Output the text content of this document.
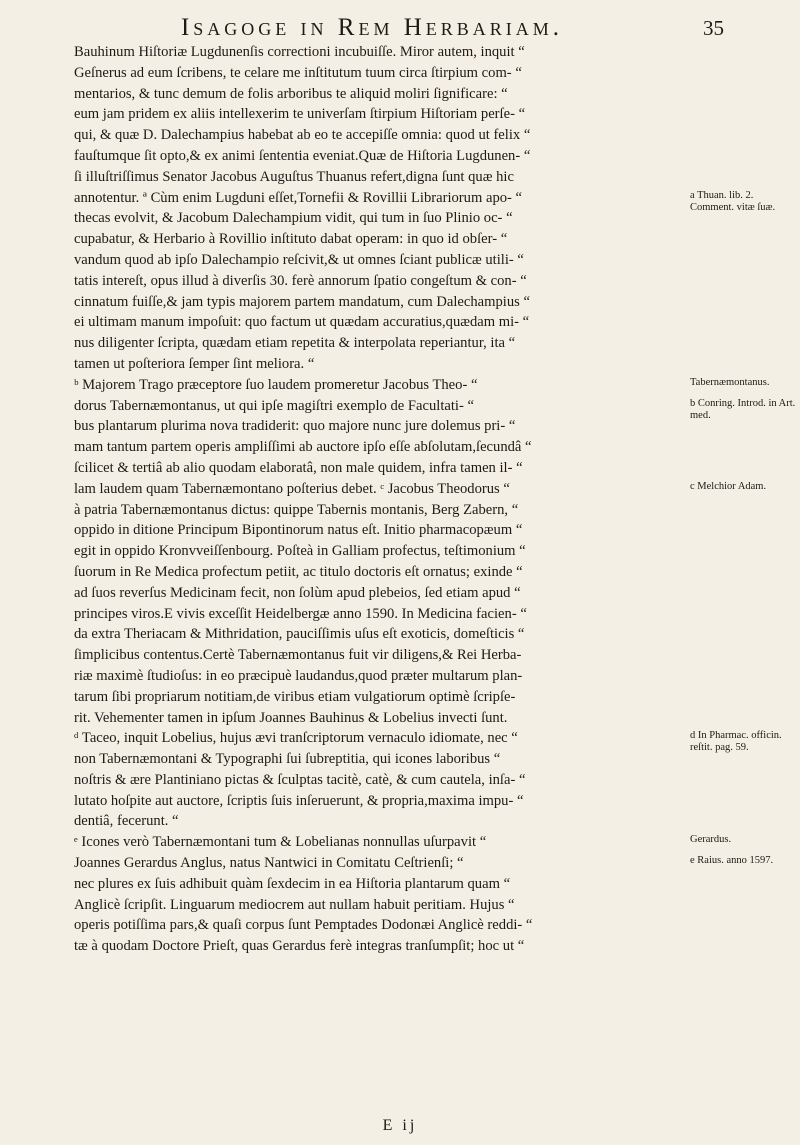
Isagoge in Rem Herbariam.	35
Bauhinum Hiſtoriæ Lugdunenſis correctioni incubuiſſe. Miror autem, inquit “
Geſnerus ad eum ſcribens, te celare me inſtitutum tuum circa ſtirpium com- “
mentarios, & tunc demum de folis arboribus te aliquid moliri ſignificare: “
eum jam pridem ex aliis intellexerim te univerſam ſtirpium Hiſtoriam perſe- “
qui, & quæ D. Dalechampius habebat ab eo te accepiſſe omnia: quod ut felix “
fauſtumque ſit opto,& ex animi ſententia eveniat.Quæ de Hiſtoria Lugdunen- “
ſi illuſtriſſimus Senator Jacobus Auguſtus Thuanus refert,digna ſunt quæ hic
annotentur. ª Cùm enim Lugduni eſſet,Tornefii & Rovillii Librariorum apo- “
thecas evolvit, & Jacobum Dalechampium vidit, qui tum in ſuo Plinio oc- “
cupabatur, & Herbario à Rovillio inſtituto dabat operam: in quo id obſer- “
vandum quod ab ipſo Dalechampio reſcivit,& ut omnes ſciant publicæ utili- “
tatis intereſt, opus illud à diverſis 30. ferè annorum ſpatio congeſtum & con- “
cinnatum fuiſſe,& jam typis majorem partem mandatum, cum Dalechampius “
ei ultimam manum impoſuit: quo factum ut quædam accuratius,quædam mi- “
nus diligenter ſcripta, quædam etiam repetita & interpolata reperiantur, ita “
tamen ut poſteriora ſemper ſint meliora. “
ᵇ Majorem Trago præceptore ſuo laudem promeretur Jacobus Theo- “
dorus Tabernæmontanus, ut qui ipſe magiſtri exemplo de Facultati- “
bus plantarum plurima nova tradiderit: quo majore nunc jure dolemus pri- “
mam tantum partem operis ampliſſimi ab auctore ipſo eſſe abſolutam,ſecundâ “
ſcilicet & tertiâ ab alio quodam elaboratâ, non male quidem, infra tamen il- “
lam laudem quam Tabernæmontano poſterius debet. ᶜ Jacobus Theodorus “
à patria Tabernæmontanus dictus: quippe Tabernis montanis, Berg Zabern, “
oppido in ditione Principum Bipontinorum natus eſt. Initio pharmacopæum “
egit in oppido Kronvveiſſenbourg. Poſteà in Galliam profectus, teſtimonium “
ſuorum in Re Medica profectum petiit, ac titulo doctoris eſt ornatus; exinde “
ad ſuos reverſus Medicinam fecit, non ſolùm apud plebeios, ſed etiam apud “
principes viros.E vivis exceſſit Heidelbergæ anno 1590. In Medicina facien- “
da extra Theriacam & Mithridation, pauciſſimis uſus eſt exoticis, domeſticis “
ſimplicibus contentus.Certè Tabernæmontanus fuit vir diligens,& Rei Herba-
riæ maximè ſtudioſus: in eo præcipuè laudandus,quod præter multarum plan-
tarum ſibi propriarum notitiam,de viribus etiam vulgatiorum optimè ſcripſe-
rit. Vehementer tamen in ipſum Joannes Bauhinus & Lobelius invecti ſunt.
ᵈ Taceo, inquit Lobelius, hujus ævi tranſcriptorum vernaculo idiomate, nec “
non Tabernæmontani & Typographi ſui ſubreptitia, qui icones laboribus “
noſtris & ære Plantiniano pictas & ſculptas tacitè, catè, & cum cautela, inſa- “
lutato hoſpite aut auctore, ſcriptis ſuis inſeruerunt, & propria,maxima impu- “
dentiâ, fecerunt. “
ᵉ Icones verò Tabernæmontani tum & Lobelianas nonnullas uſurpavit “
Joannes Gerardus Anglus, natus Nantwici in Comitatu Ceſtrienſi; “
nec plures ex ſuis adhibuit quàm ſexdecim in ea Hiſtoria plantarum quam “
Anglicè ſcripſit. Linguarum mediocrem aut nullam habuit peritiam. Hujus “
operis potiſſima pars,& quaſi corpus ſunt Pemptades Dodonæi Anglicè reddi- “
tæ à quodam Doctore Prieſt, quas Gerardus ferè integras tranſumpſit; hoc ut “
a Thuan. lib. 2. Comment. vitæ ſuæ.
Tabernæmontanus.
b Conring. Introd. in Art. med.
c Melchior Adam.
d In Pharmac. officin. reſtit. pag. 59.
Gerardus.
e Raius. anno 1597.
E ij
